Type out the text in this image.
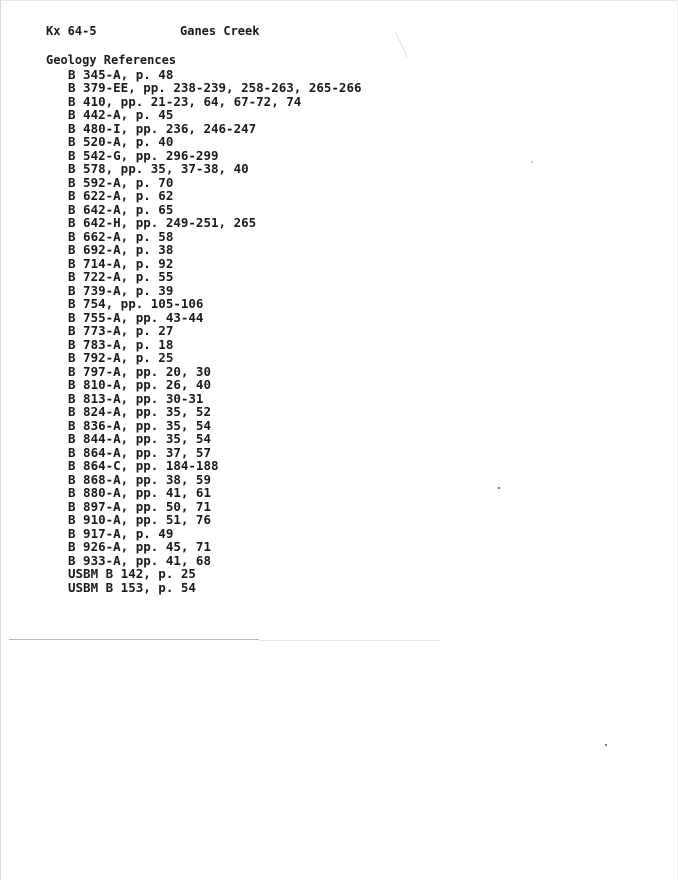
Kx 64-5	Ganes Creek
Geology References
B 345-A, p. 48
B 379-EE, pp. 238-239, 258-263, 265-266
B 410, pp. 21-23, 64, 67-72, 74
B 442-A, p. 45
B 480-I, pp. 236, 246-247
B 520-A, p. 40
B 542-G, pp. 296-299
B 578, pp. 35, 37-38, 40
B 592-A, p. 70
B 622-A, p. 62
B 642-A, p. 65
B 642-H, pp. 249-251, 265
B 662-A, p. 58
B 692-A, p. 38
B 714-A, p. 92
B 722-A, p. 55
B 739-A, p. 39
B 754, pp. 105-106
B 755-A, pp. 43-44
B 773-A, p. 27
B 783-A, p. 18
B 792-A, p. 25
B 797-A, pp. 20, 30
B 810-A, pp. 26, 40
B 813-A, pp. 30-31
B 824-A, pp. 35, 52
B 836-A, pp. 35, 54
B 844-A, pp. 35, 54
B 864-A, pp. 37, 57
B 864-C, pp. 184-188
B 868-A, pp. 38, 59
B 880-A, pp. 41, 61
B 897-A, pp. 50, 71
B 910-A, pp. 51, 76
B 917-A, p. 49
B 926-A, pp. 45, 71
B 933-A, pp. 41, 68
USBM B 142, p. 25
USBM B 153, p. 54
